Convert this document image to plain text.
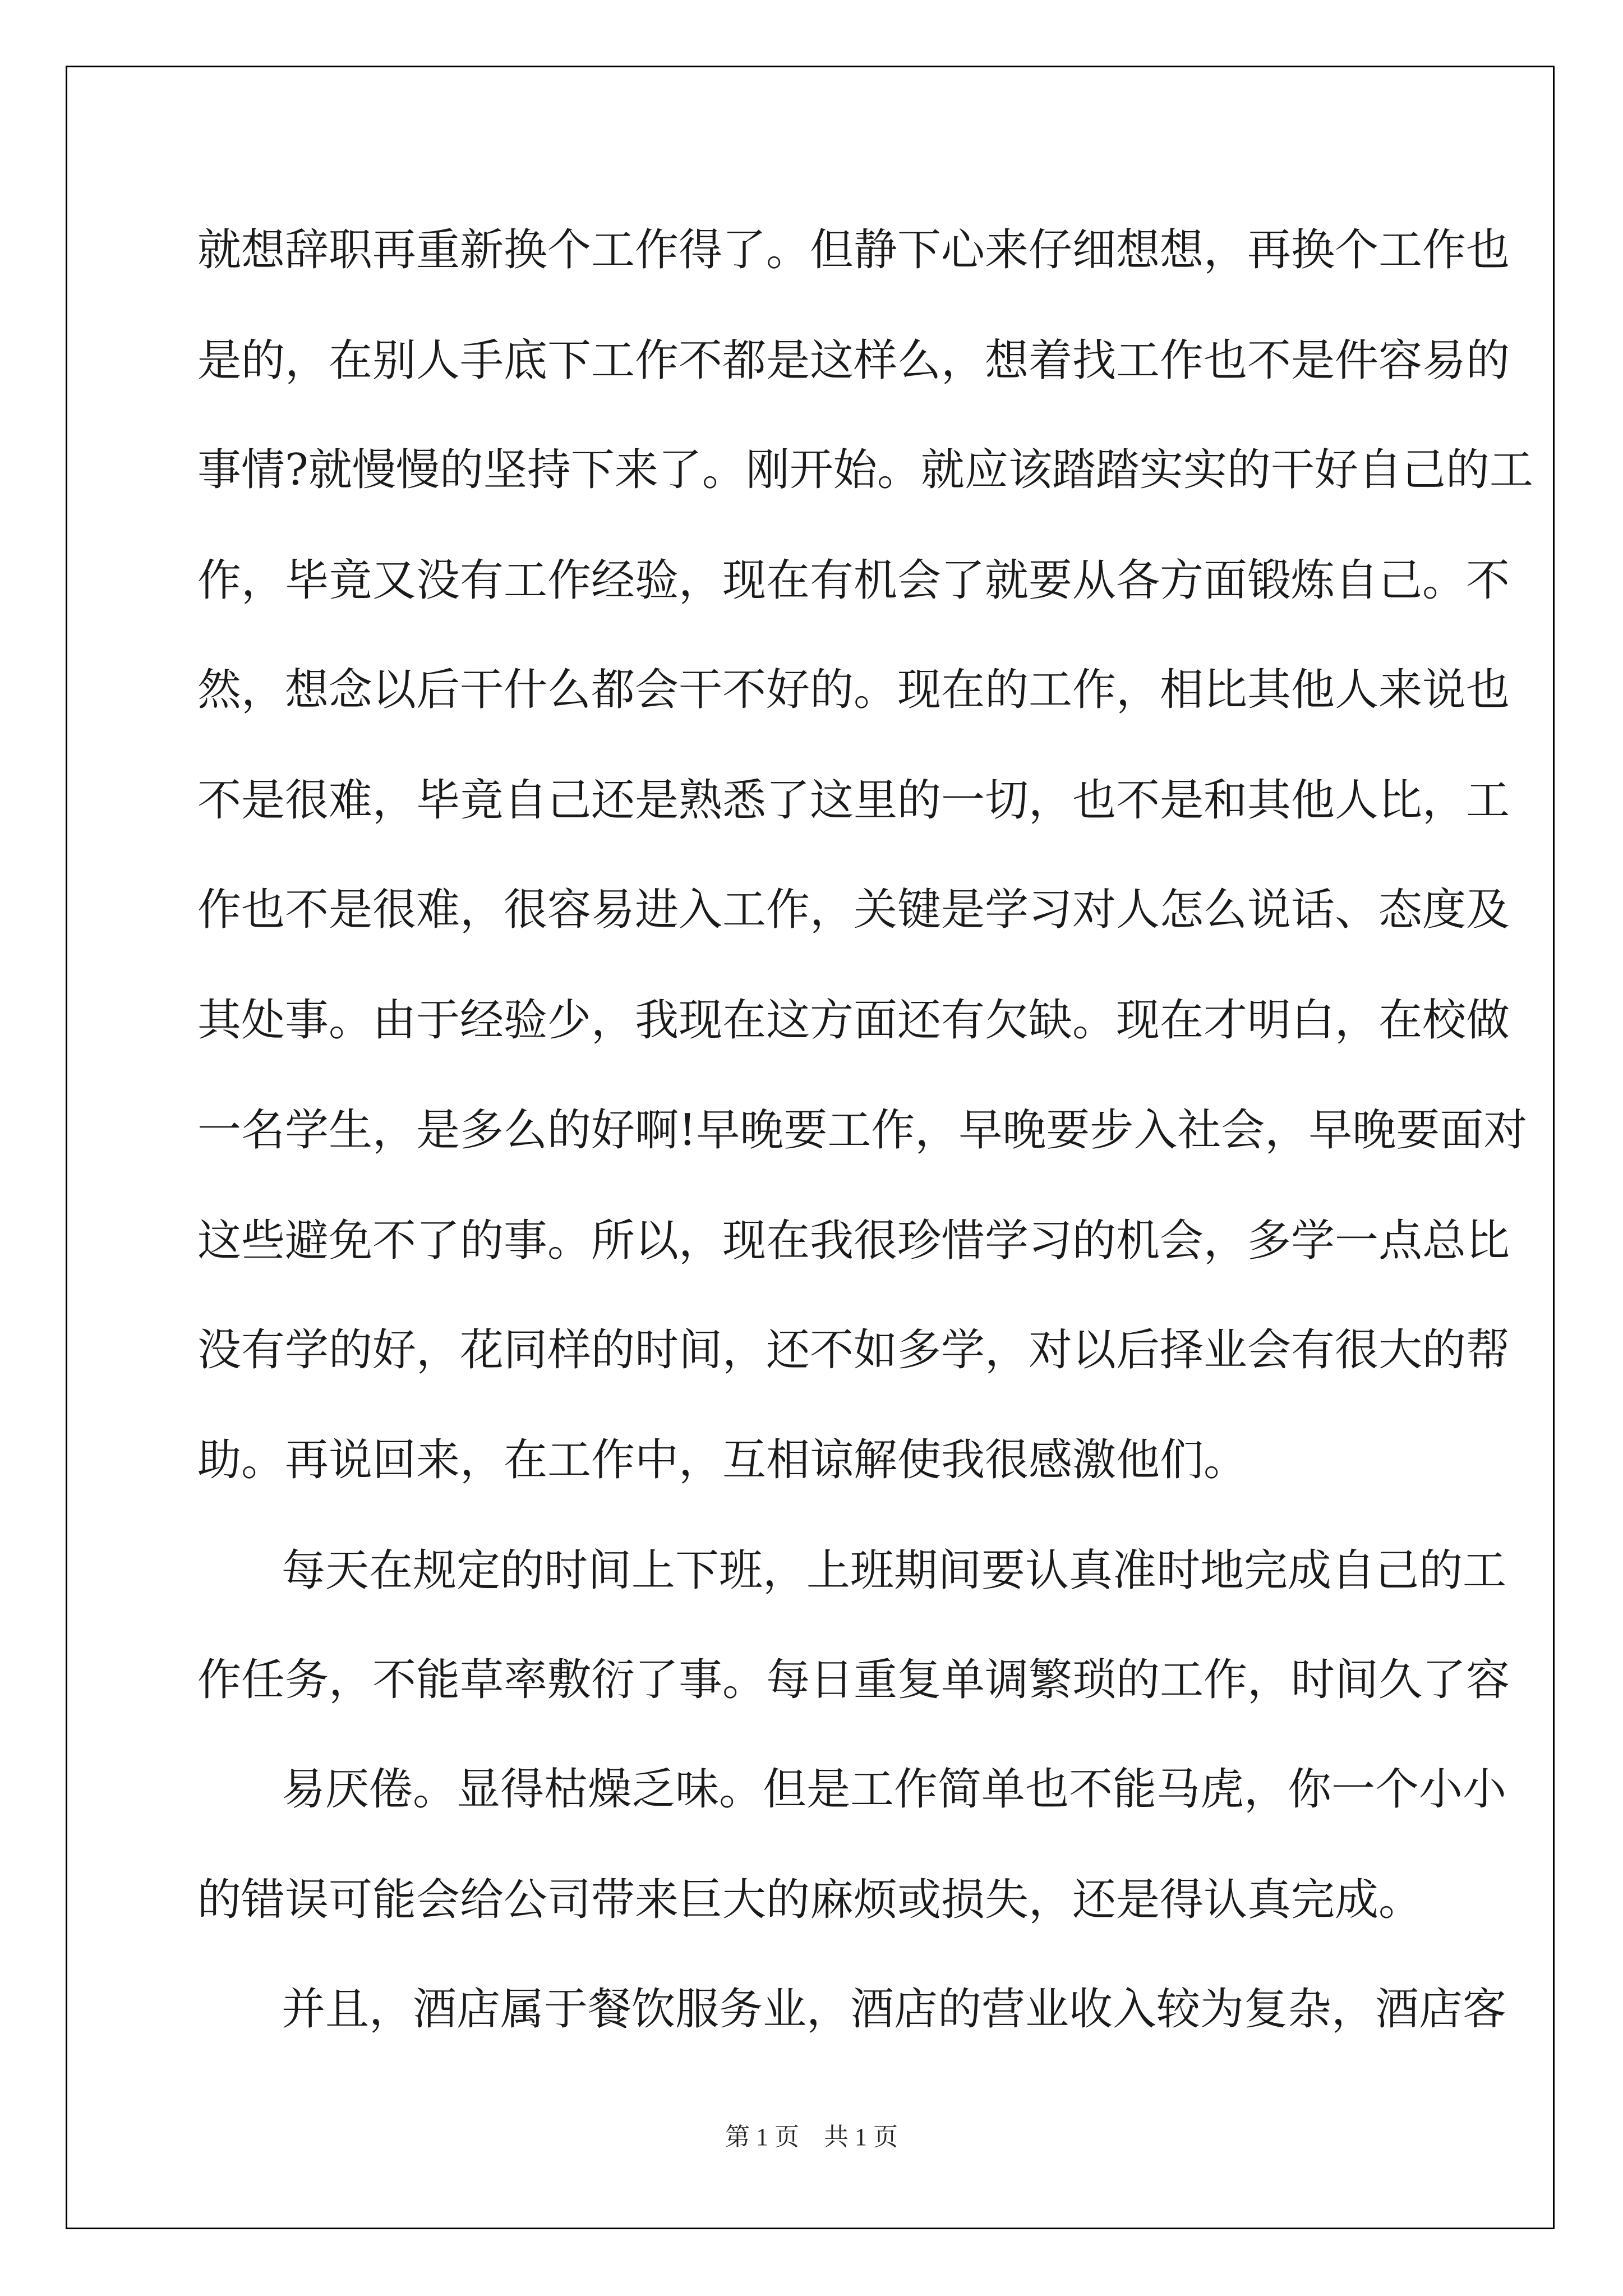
就想辞职再重新换个工作得了。但静下心来仔细想想，再换个工作也
是的，在别人手底下工作不都是这样么，想着找工作也不是件容易的
事情?就慢慢的坚持下来了。刚开始。就应该踏踏实实的干好自己的工
作，毕竟又没有工作经验，现在有机会了就要从各方面锻炼自己。不
然，想念以后干什么都会干不好的。现在的工作，相比其他人来说也
不是很难，毕竟自己还是熟悉了这里的一切，也不是和其他人比，工
作也不是很难，很容易进入工作，关键是学习对人怎么说话、态度及
其处事。由于经验少，我现在这方面还有欠缺。现在才明白，在校做
一名学生，是多么的好啊!早晚要工作，早晚要步入社会，早晚要面对
这些避免不了的事。所以，现在我很珍惜学习的机会，多学一点总比
没有学的好，花同样的时间，还不如多学，对以后择业会有很大的帮
助。再说回来，在工作中，互相谅解使我很感激他们。
每天在规定的时间上下班，上班期间要认真准时地完成自己的工
作任务，不能草率敷衍了事。每日重复单调繁琐的工作，时间久了容
易厌倦。显得枯燥乏味。但是工作简单也不能马虎，你一个小小
的错误可能会给公司带来巨大的麻烦或损失，还是得认真完成。
并且，酒店属于餐饮服务业，酒店的营业收入较为复杂，酒店客
第 1 页　共 1 页
